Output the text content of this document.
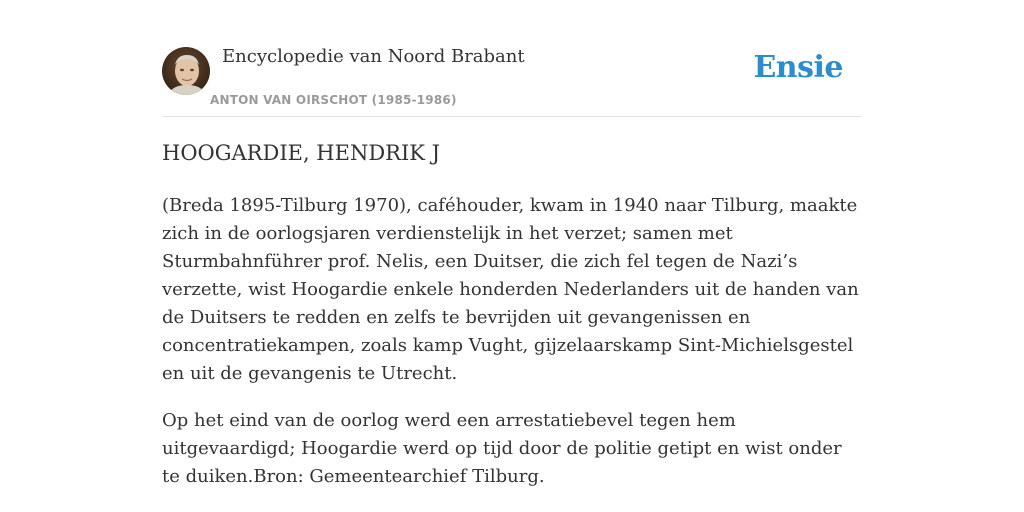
Encyclopedie van Noord Brabant
ANTON VAN OIRSCHOT (1985-1986)
Ensie
HOOGARDIE, HENDRIK J

(Breda 1895-Tilburg 1970), caféhouder, kwam in 1940 naar Tilburg, maakte zich in de oorlogsjaren verdienstelijk in het verzet; samen met Sturmbahnführer prof. Nelis, een Duitser, die zich fel tegen de Nazi’s verzette, wist Hoogardie enkele honderden Nederlanders uit de handen van de Duitsers te redden en zelfs te bevrijden uit gevangenissen en concentratiekampen, zoals kamp Vught, gijzelaarskamp Sint-Michielsgestel en uit de gevangenis te Utrecht.

Op het eind van de oorlog werd een arrestatiebevel tegen hem uitgevaardigd; Hoogardie werd op tijd door de politie getipt en wist onder te duiken.Bron: Gemeentearchief Tilburg.
